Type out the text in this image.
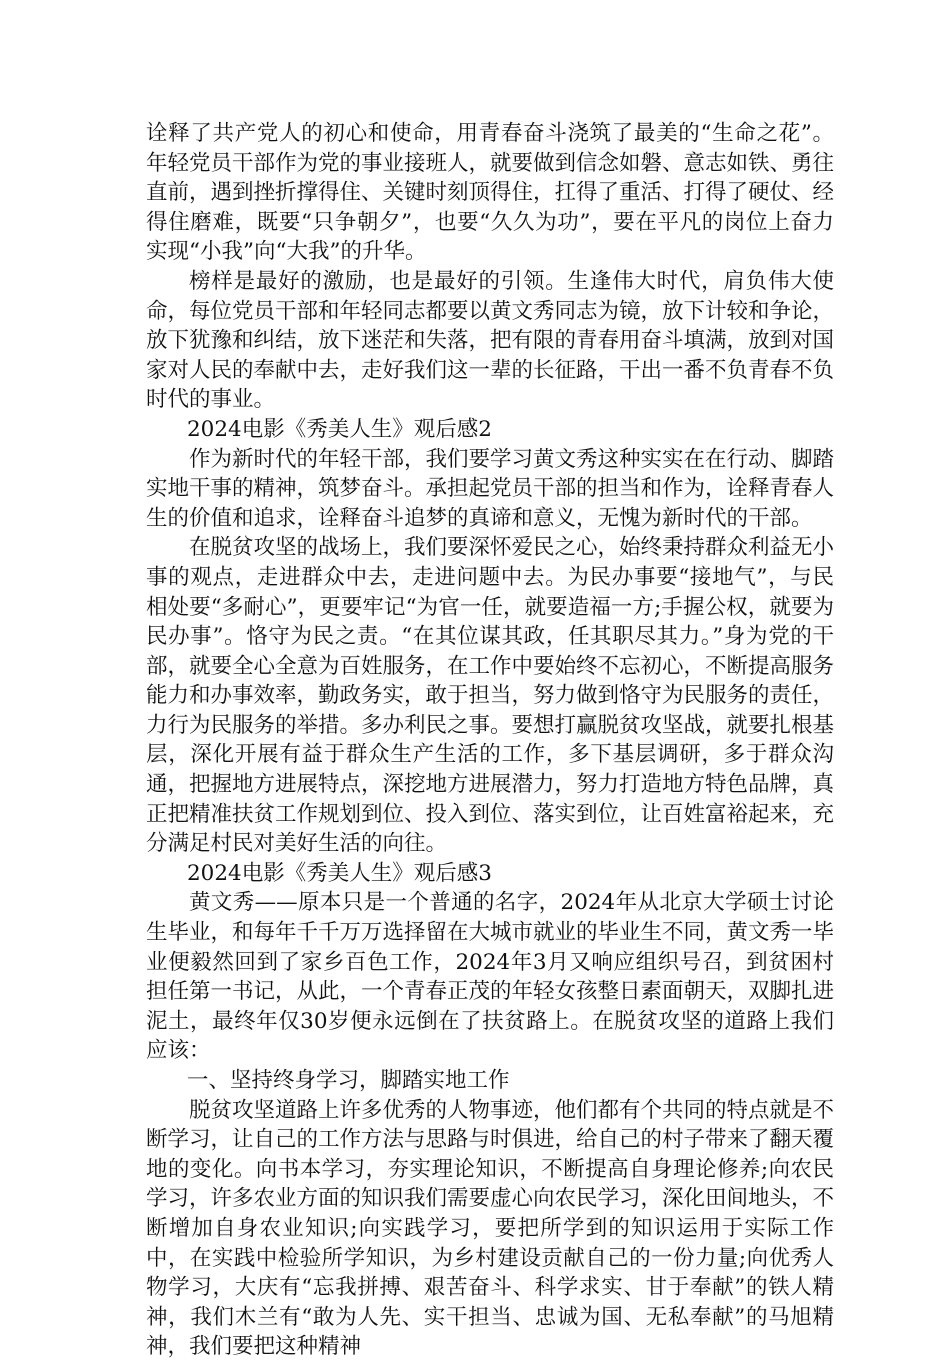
诠释了共产党人的初心和使命，用青春奋斗浇筑了最美的“生命之花”。年轻党员干部作为党的事业接班人，就要做到信念如磐、意志如铁、勇往直前，遇到挫折撑得住、关键时刻顶得住，扛得了重活、打得了硬仗、经得住磨难，既要“只争朝夕”，也要“久久为功”，要在平凡的岗位上奋力实现“小我”向“大我”的升华。

榜样是最好的激励，也是最好的引领。生逢伟大时代，肩负伟大使命，每位党员干部和年轻同志都要以黄文秀同志为镜，放下计较和争论，放下犹豫和纠结，放下迷茫和失落，把有限的青春用奋斗填满，放到对国家对人民的奉献中去，走好我们这一辈的长征路，干出一番不负青春不负时代的事业。

2024电影《秀美人生》观后感2

作为新时代的年轻干部，我们要学习黄文秀这种实实在在行动、脚踏实地干事的精神，筑梦奋斗。承担起党员干部的担当和作为，诠释青春人生的价值和追求，诠释奋斗追梦的真谛和意义，无愧为新时代的干部。

在脱贫攻坚的战场上，我们要深怀爱民之心，始终秉持群众利益无小事的观点，走进群众中去，走进问题中去。为民办事要“接地气”，与民相处要“多耐心”，更要牢记“为官一任，就要造福一方;手握公权，就要为民办事”。恪守为民之责。“在其位谋其政，任其职尽其力。”身为党的干部，就要全心全意为百姓服务，在工作中要始终不忘初心，不断提高服务能力和办事效率，勤政务实，敢于担当，努力做到恪守为民服务的责任，力行为民服务的举措。多办利民之事。要想打赢脱贫攻坚战，就要扎根基层，深化开展有益于群众生产生活的工作，多下基层调研，多于群众沟通，把握地方进展特点，深挖地方进展潜力，努力打造地方特色品牌，真正把精准扶贫工作规划到位、投入到位、落实到位，让百姓富裕起来，充分满足村民对美好生活的向往。

2024电影《秀美人生》观后感3

黄文秀——原本只是一个普通的名字，2024年从北京大学硕士讨论生毕业，和每年千千万万选择留在大城市就业的毕业生不同，黄文秀一毕业便毅然回到了家乡百色工作，2024年3月又响应组织号召，到贫困村担任第一书记，从此，一个青春正茂的年轻女孩整日素面朝天，双脚扎进泥土，最终年仅30岁便永远倒在了扶贫路上。在脱贫攻坚的道路上我们应该：

一、坚持终身学习，脚踏实地工作

脱贫攻坚道路上许多优秀的人物事迹，他们都有个共同的特点就是不断学习，让自己的工作方法与思路与时俱进，给自己的村子带来了翻天覆地的变化。向书本学习，夯实理论知识，不断提高自身理论修养;向农民学习，许多农业方面的知识我们需要虚心向农民学习，深化田间地头，不断增加自身农业知识;向实践学习，要把所学到的知识运用于实际工作中，在实践中检验所学知识，为乡村建设贡献自己的一份力量;向优秀人物学习，大庆有“忘我拼搏、艰苦奋斗、科学求实、甘于奉献”的铁人精神，我们木兰有“敢为人先、实干担当、忠诚为国、无私奉献”的马旭精神，我们要把这种精神
